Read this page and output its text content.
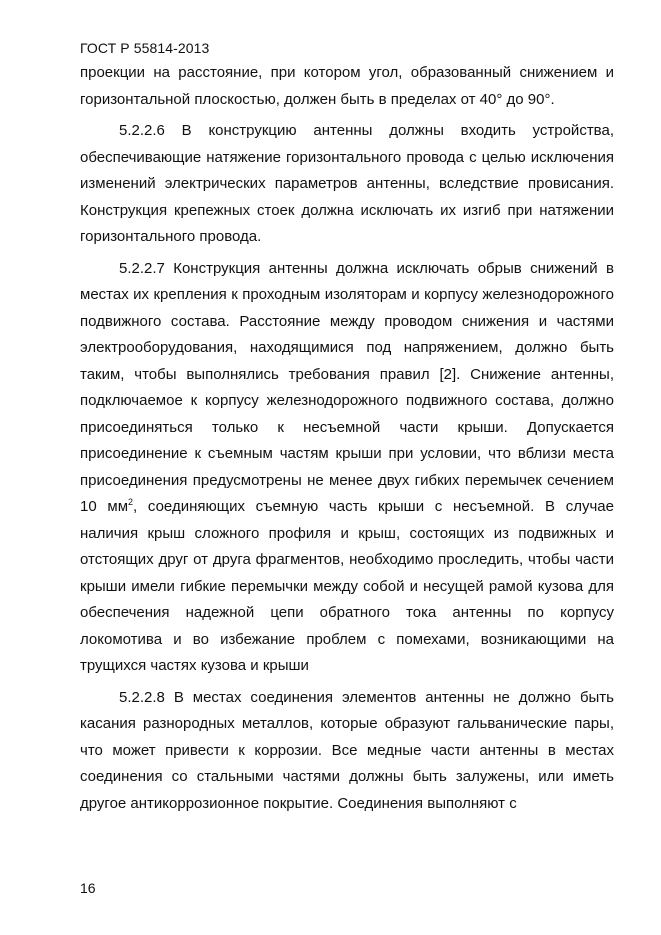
ГОСТ Р 55814-2013

проекции на расстояние, при котором угол, образованный снижением и горизонтальной плоскостью, должен быть в пределах от 40° до 90°.

5.2.2.6 В конструкцию антенны должны входить устройства, обеспечивающие натяжение горизонтального провода с целью исключения изменений электрических параметров антенны, вследствие провисания. Конструкция крепежных стоек должна исключать их изгиб при натяжении горизонтального провода.

5.2.2.7 Конструкция антенны должна исключать обрыв снижений в местах их крепления к проходным изоляторам и корпусу железнодорожного подвижного состава. Расстояние между проводом снижения и частями электрооборудования, находящимися под напряжением, должно быть таким, чтобы выполнялись требования правил [2]. Снижение антенны, подключаемое к корпусу железнодорожного подвижного состава, должно присоединяться только к несъемной части крыши. Допускается присоединение к съемным частям крыши при условии, что вблизи места присоединения предусмотрены не менее двух гибких перемычек сечением 10 $мм^2$, соединяющих съемную часть крыши с несъемной. В случае наличия крыш сложного профиля и крыш, состоящих из подвижных и отстоящих друг от друга фрагментов, необходимо проследить, чтобы части крыши имели гибкие перемычки между собой и несущей рамой кузова для обеспечения надежной цепи обратного тока антенны по корпусу локомотива и во избежание проблем с помехами, возникающими на трущихся частях кузова и крыши

5.2.2.8 В местах соединения элементов антенны не должно быть касания разнородных металлов, которые образуют гальванические пары, что может привести к коррозии. Все медные части антенны в местах соединения со стальными частями должны быть залужены, или иметь другое антикоррозионное покрытие. Соединения выполняют с

16
